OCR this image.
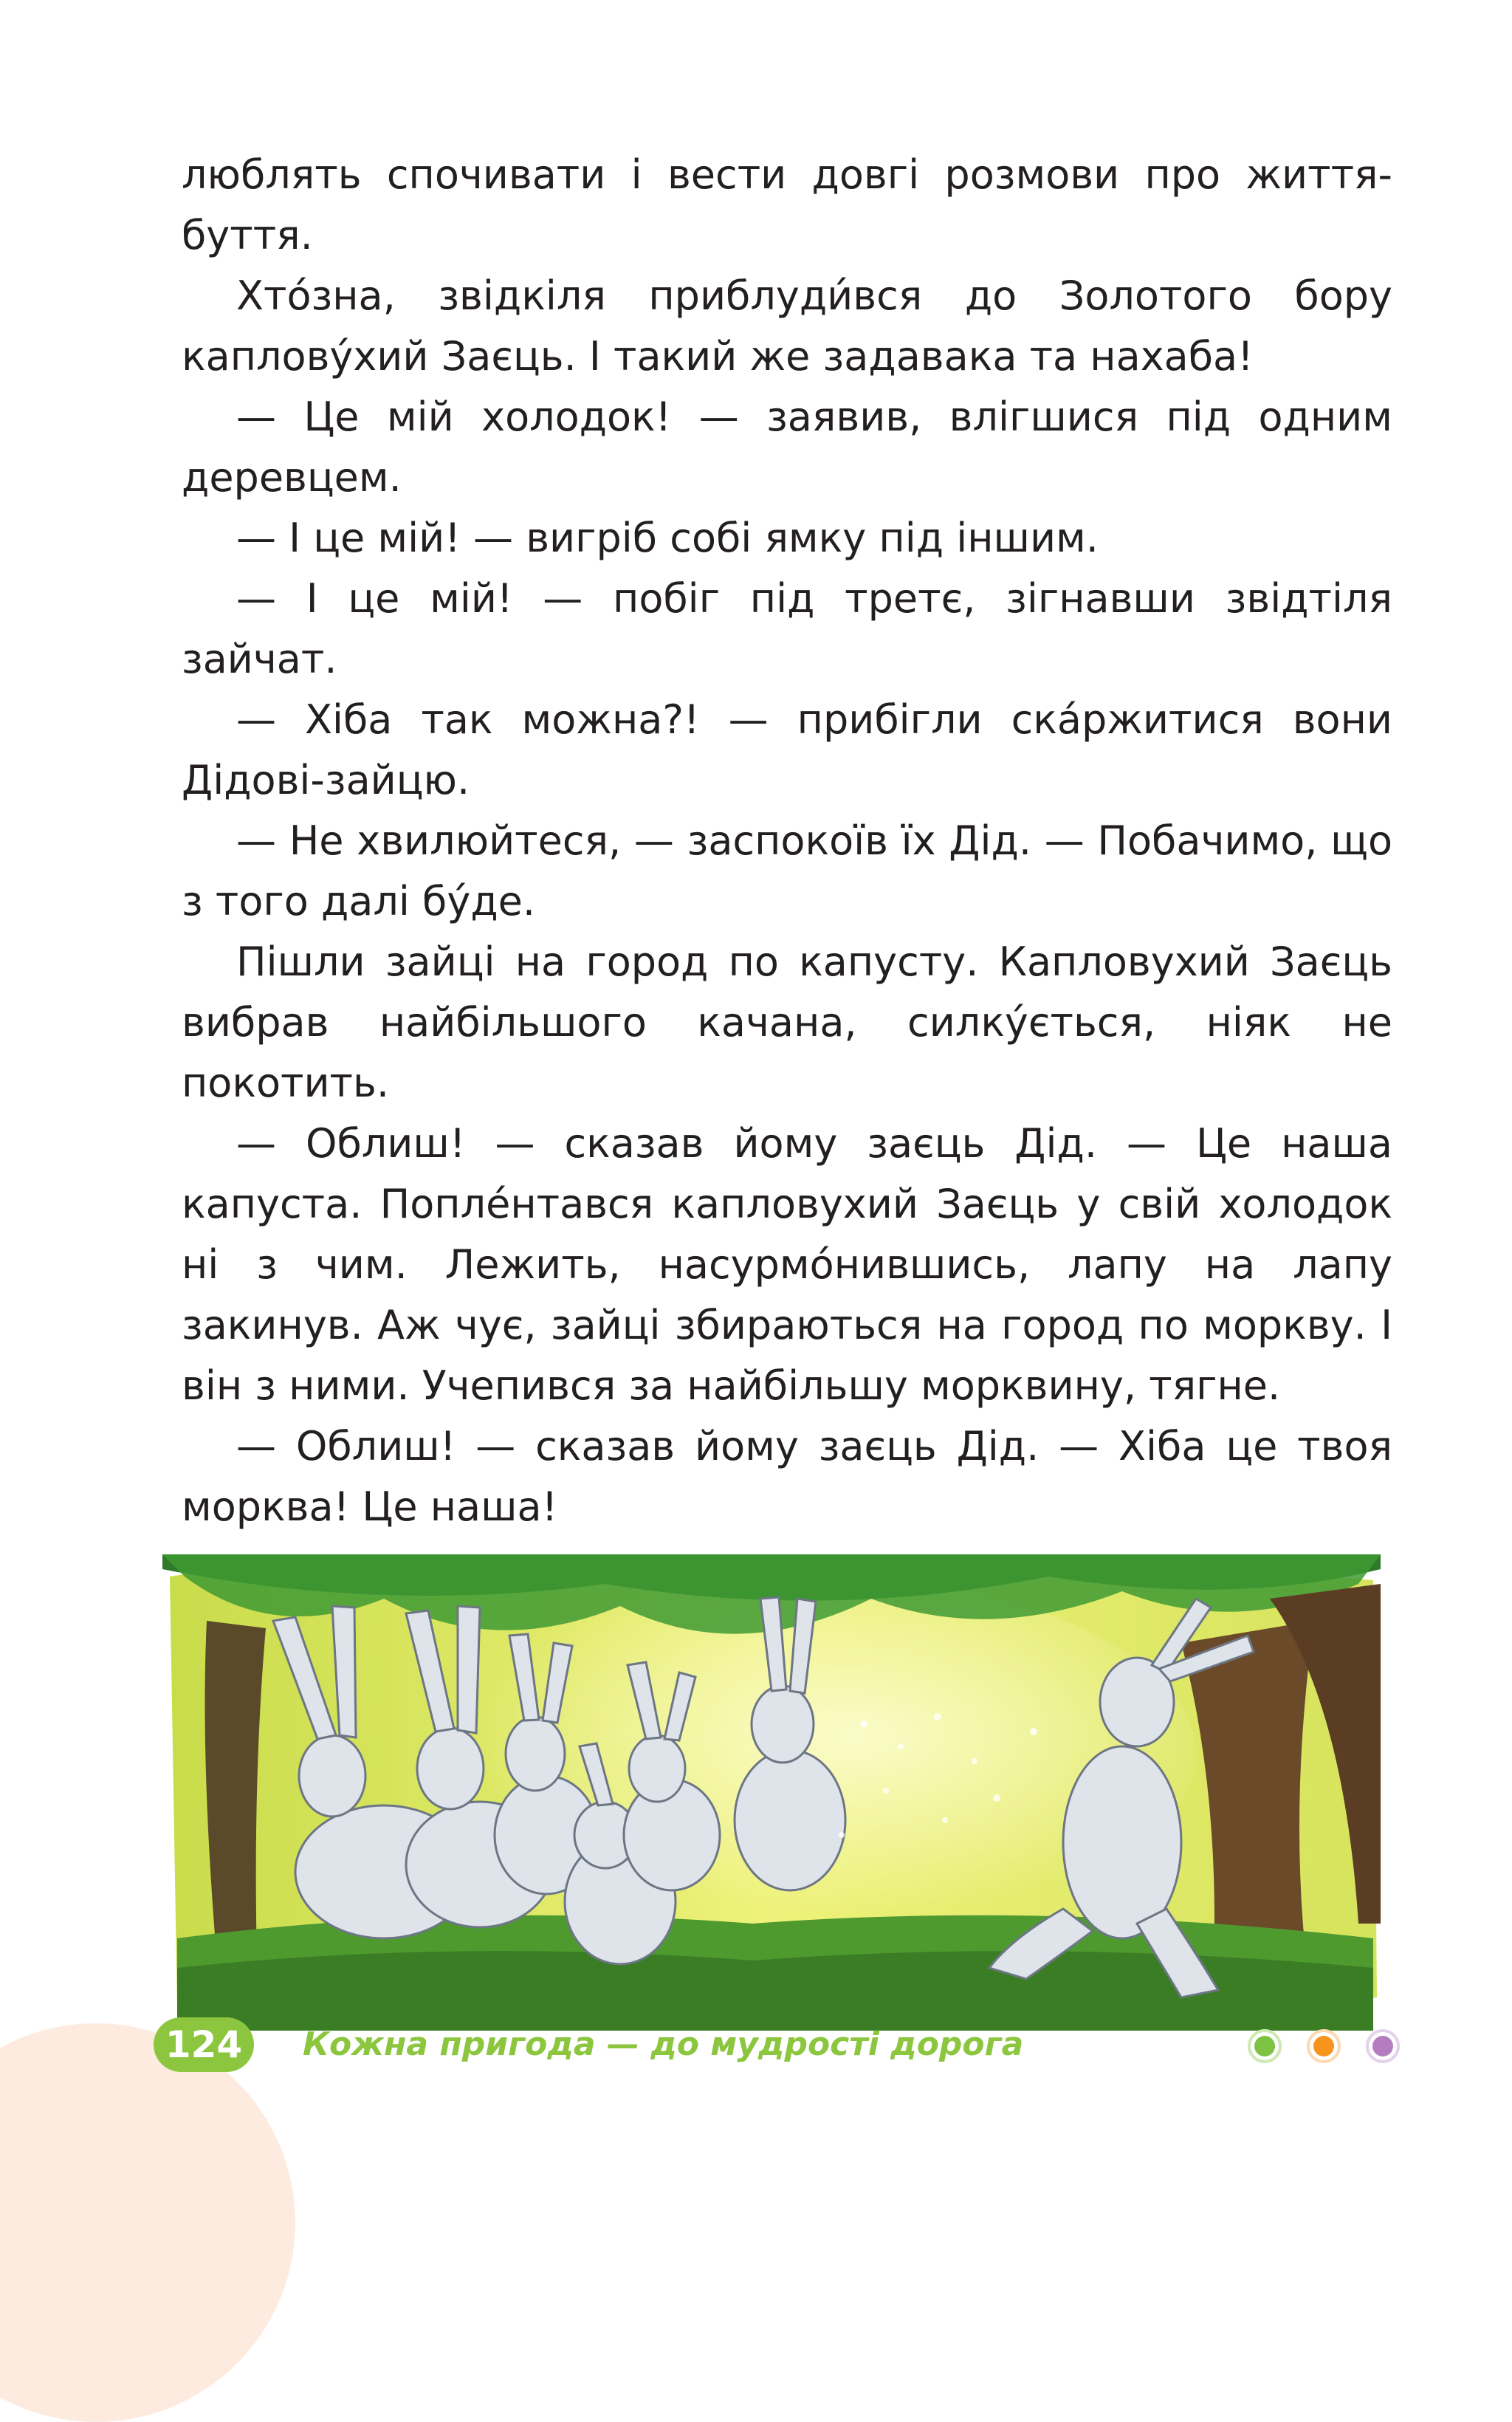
люблять спочивати і вести довгі розмови про життя-буття.

Хто́зна, звідкіля приблуди́вся до Золотого бору каплову́хий Заєць. І такий же задавака та нахаба!

— Це мій холодок! — заявив, влігшися під одним деревцем.

— І це мій! — вигріб собі ямку під іншим.

— І це мій! — побіг під третє, зігнавши звідтіля зайчат.

— Хіба так можна?! — прибігли ска́ржитися вони Дідові-зайцю.

— Не хвилюйтеся, — заспокоїв їх Дід. — Побачимо, що з того далі бу́де.

Пішли зайці на город по капусту. Капловухий Заєць вибрав найбільшого качана, силку́ється, ніяк не покотить.

— Облиш! — сказав йому заєць Дід. — Це наша капуста. Попле́нтався капловухий Заєць у свій холодок ні з чим. Лежить, насурмо́нившись, лапу на лапу закинув. Аж чує, зайці збираються на город по моркву. І він з ними. Учепився за найбільшу морквину, тягне.

— Облиш! — сказав йому заєць Дід. — Хіба це твоя морква! Це наша!

124 Кожна пригода — до мудрості дорога
